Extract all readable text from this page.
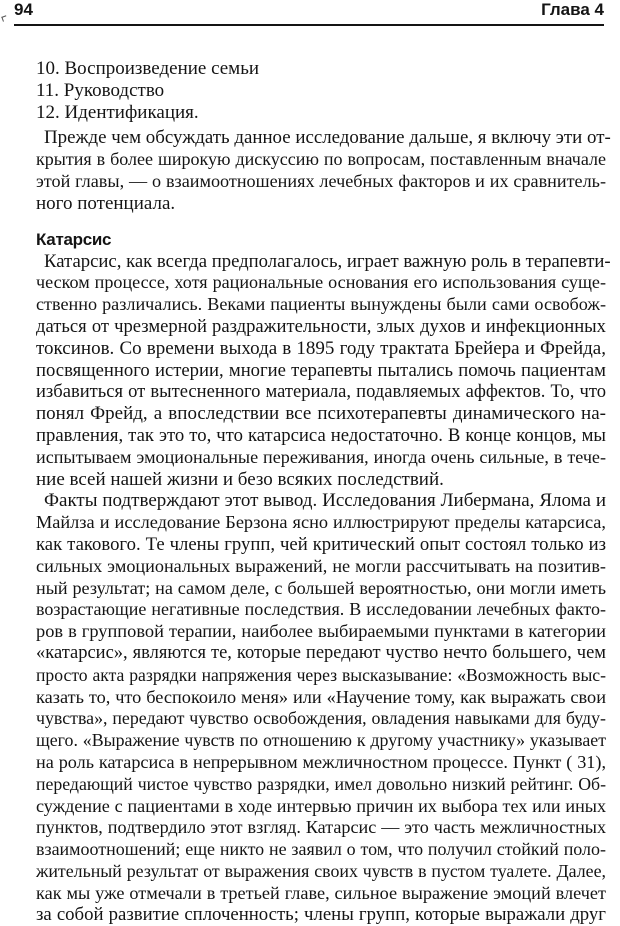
94	Глава 4
10. Воспроизведение семьи
11. Руководство
12. Идентификация.
Прежде чем обсуждать данное исследование дальше, я включу эти от-
крытия в более широкую дискуссию по вопросам, поставленным вначале
этой главы, — о взаимоотношениях лечебных факторов и их сравнитель-
ного потенциала.
Катарсис
Катарсис, как всегда предполагалось, играет важную роль в терапевти-
ческом процессе, хотя рациональные основания его использования суще-
ственно различались. Веками пациенты вынуждены были сами освобож-
даться от чрезмерной раздражительности, злых духов и инфекционных
токсинов. Со времени выхода в 1895 году трактата Брейера и Фрейда,
посвященного истерии, многие терапевты пытались помочь пациентам
избавиться от вытесненного материала, подавляемых аффектов. То, что
понял Фрейд, а впоследствии все психотерапевты динамического на-
правления, так это то, что катарсиса недостаточно. В конце концов, мы
испытываем эмоциональные переживания, иногда очень сильные, в тече-
ние всей нашей жизни и безо всяких последствий.
Факты подтверждают этот вывод. Исследования Либермана, Ялома и
Майлза и исследование Берзона ясно иллюстрируют пределы катарсиса,
как такового. Те члены групп, чей критический опыт состоял только из
сильных эмоциональных выражений, не могли рассчитывать на позитив-
ный результат; на самом деле, с большей вероятностью, они могли иметь
возрастающие негативные последствия. В исследовании лечебных факто-
ров в групповой терапии, наиболее выбираемыми пунктами в категории
«катарсис», являются те, которые передают чуство нечто большего, чем
просто акта разрядки напряжения через высказывание: «Возможность выс-
казать то, что беспокоило меня» или «Научение тому, как выражать свои
чувства», передают чувство освобождения, овладения навыками для буду-
щего. «Выражение чувств по отношению к другому участнику» указывает
на роль катарсиса в непрерывном межличностном процессе. Пункт ( 31),
передающий чистое чувство разрядки, имел довольно низкий рейтинг. Об-
суждение с пациентами в ходе интервью причин их выбора тех или иных
пунктов, подтвердило этот взгляд. Катарсис — это часть межличностных
взаимоотношений; еще никто не заявил о том, что получил стойкий поло-
жительный результат от выражения своих чувств в пустом туалете. Далее,
как мы уже отмечали в третьей главе, сильное выражение эмоций влечет
за собой развитие сплоченность; члены групп, которые выражали друг
